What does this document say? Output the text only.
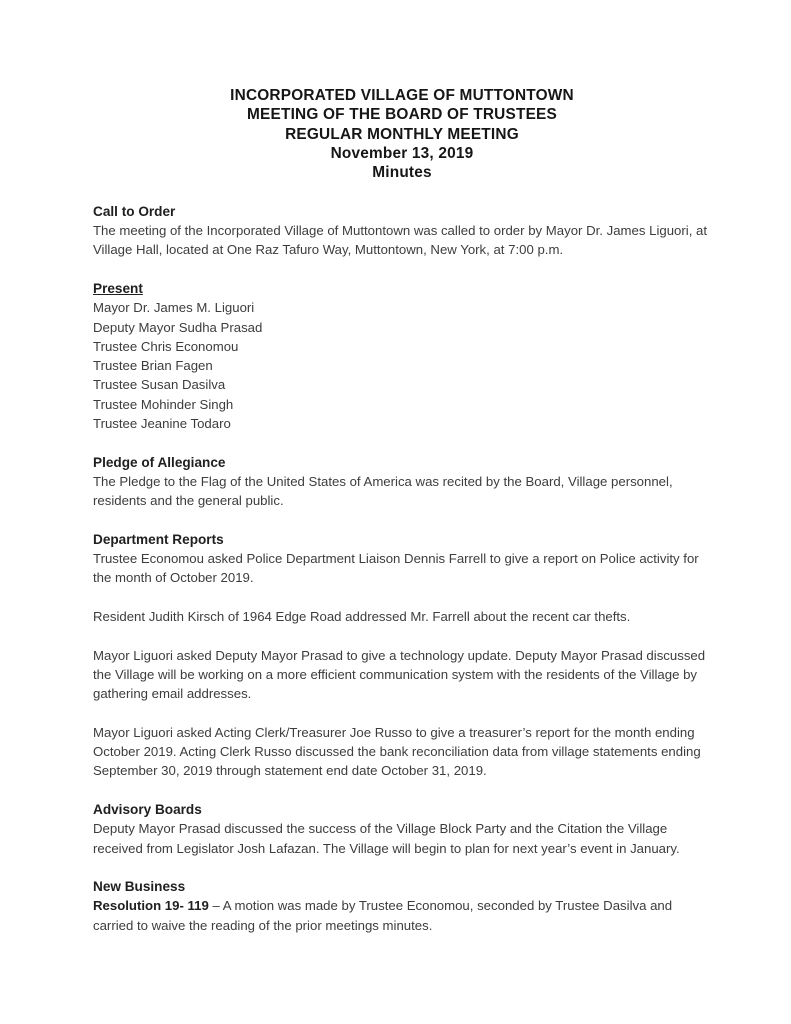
INCORPORATED VILLAGE OF MUTTONTOWN
MEETING OF THE BOARD OF TRUSTEES
REGULAR MONTHLY MEETING
November 13, 2019
Minutes
Call to Order

The meeting of the Incorporated Village of Muttontown was called to order by Mayor Dr. James Liguori, at Village Hall, located at One Raz Tafuro Way, Muttontown, New York, at 7:00 p.m.

Present
Mayor Dr. James M. Liguori
Deputy Mayor Sudha Prasad
Trustee Chris Economou
Trustee Brian Fagen
Trustee Susan Dasilva
Trustee Mohinder Singh
Trustee Jeanine Todaro
Pledge of Allegiance

The Pledge to the Flag of the United States of America was recited by the Board, Village personnel, residents and the general public.

Department Reports

Trustee Economou asked Police Department Liaison Dennis Farrell to give a report on Police activity for the month of October 2019.

Resident Judith Kirsch of 1964 Edge Road addressed Mr. Farrell about the recent car thefts.

Mayor Liguori asked Deputy Mayor Prasad to give a technology update. Deputy Mayor Prasad discussed the Village will be working on a more efficient communication system with the residents of the Village by gathering email addresses.

Mayor Liguori asked Acting Clerk/Treasurer Joe Russo to give a treasurer’s report for the month ending October 2019. Acting Clerk Russo discussed the bank reconciliation data from village statements ending September 30, 2019 through statement end date October 31, 2019.

Advisory Boards

Deputy Mayor Prasad discussed the success of the Village Block Party and the Citation the Village received from Legislator Josh Lafazan. The Village will begin to plan for next year’s event in January.

New Business

Resolution 19- 119 – A motion was made by Trustee Economou, seconded by Trustee Dasilva and carried to waive the reading of the prior meetings minutes.
